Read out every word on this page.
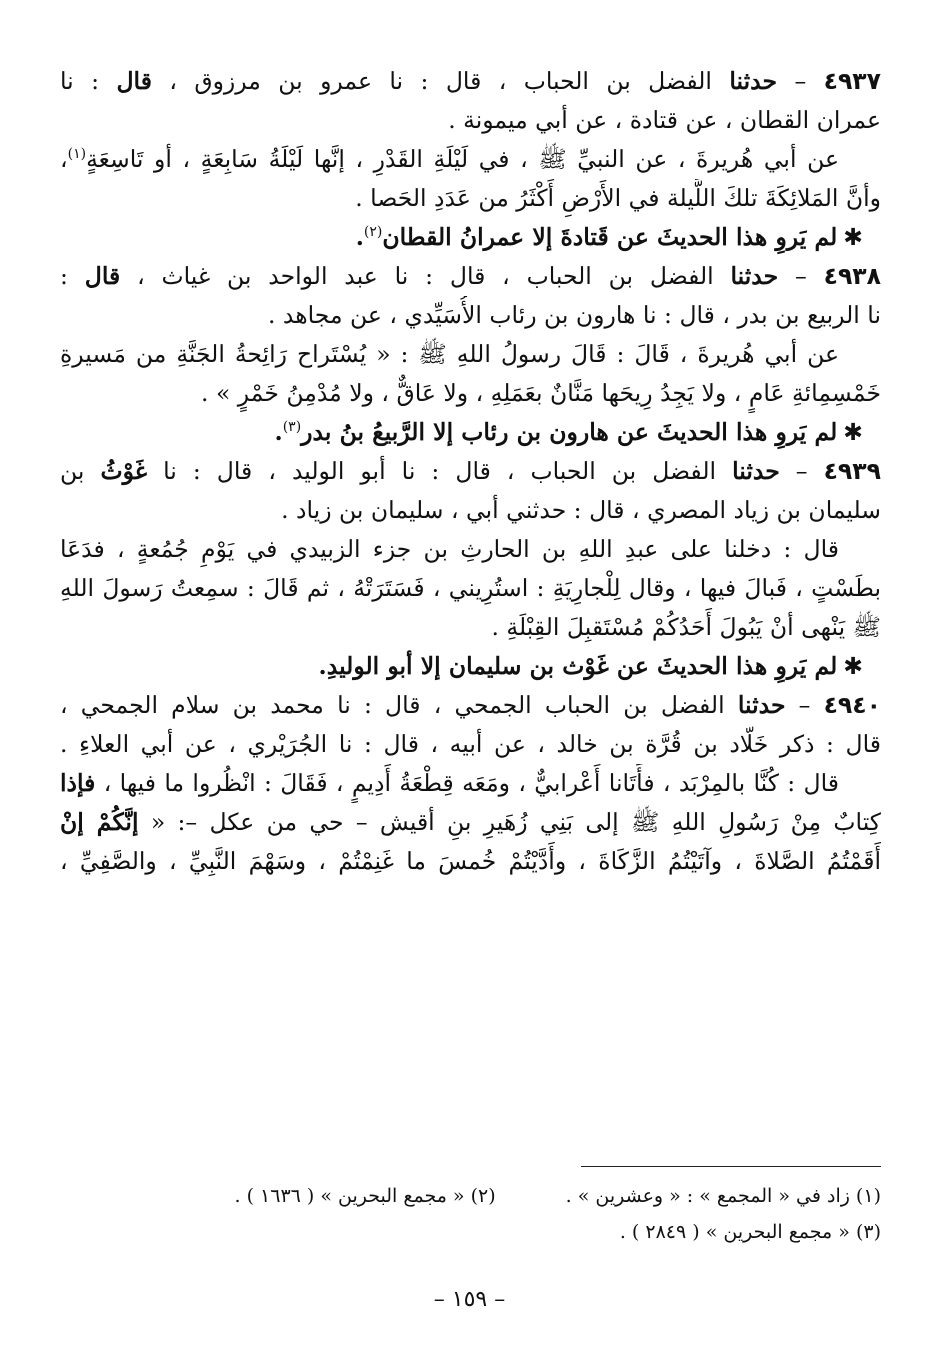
٤٩٣٧ – حدثنا الفضل بن الحباب ، قال : نا عمرو بن مرزوق ، قال : نا
عمران القطان ، عن قتادة ، عن أبي ميمونة .
عن أبي هُريرةَ ، عن النبيِّ ﷺ ، في لَيْلَةِ القَدْرِ ، إنَّها لَيْلَةُ سَابِعَةٍ ، أو تَاسِعَةٍ$^{(١)}$،
وأنَّ المَلائِكَةَ تلكَ اللَّيلة في الأَرْضِ أَكْثَرُ من عَدَدِ الحَصا .
✱لم يَروِ هذا الحديثَ عن قَتادةَ إلا عمرانُ القطان$^{(٢)}$.
٤٩٣٨ – حدثنا الفضل بن الحباب ، قال : نا عبد الواحد بن غياث ، قال :
نا الربيع بن بدر ، قال : نا هارون بن رئاب الأُسَيِّدي ، عن مجاهد .
عن أبي هُريرةَ ، قَالَ : قَالَ رسولُ اللهِ ﷺ : « يُسْتَراح رَائِحةُ الجَنَّةِ من مَسيرةِ
خَمْسِمِائةِ عَامٍ ، ولا يَجِدُ رِيحَها مَنَّانٌ بعَمَلِهِ ، ولا عَاقٌّ ، ولا مُدْمِنُ خَمْرٍ » .
✱لم يَروِ هذا الحديثَ عن هارون بن رئاب إلا الرَّبيعُ بنُ بدر$^{(٣)}$.
٤٩٣٩ – حدثنا الفضل بن الحباب ، قال : نا أبو الوليد ، قال : نا غَوْثُ بن
سليمان بن زياد المصري ، قال : حدثني أبي ، سليمان بن زياد .
قال : دخلنا على عبدِ اللهِ بن الحارثِ بن جزء الزبيدي في يَوْمِ جُمُعةٍ ، فدَعَا
بطَسْتٍ ، فَبالَ فيها ، وقال لِلْجارِيَةِ : استُرِيني ، فَسَتَرَتْهُ ، ثم قَالَ : سمِعتُ رَسولَ اللهِ
ﷺ يَنْهى أنْ يَبُولَ أَحَدُكُمْ مُسْتَقبِلَ القِبْلَةِ .
✱لم يَروِ هذا الحديثَ عن غَوْث بن سليمان إلا أبو الوليدِ.
٤٩٤٠ – حدثنا الفضل بن الحباب الجمحي ، قال : نا محمد بن سلام الجمحي ،
قال : ذكر خَلّاد بن قُرَّة بن خالد ، عن أبيه ، قال : نا الجُرَيْري ، عن أبي العلاءِ .
قال : كُنَّا بالمِرْبَد ، فأَتَانا أَعْرابيٌّ ، ومَعَه قِطْعَةُ أَدِيمٍ ، فَقَالَ : انْظُروا ما فيها ، فإذا
كِتابٌ مِنْ رَسُولِ اللهِ ﷺ إلى بَنِي زُهَيرِ بنِ أقيش – حي من عكل –: « إنَّكُمْ إنْ
أَقَمْتُمُ الصَّلاةَ ، وآتَيْتُمُ الزَّكَاةَ ، وأَدَّيْتُمْ خُمسَ ما غَنِمْتُمْ ، وسَهْمَ النَّبِيِّ ، والصَّفِيِّ ،
(١) زاد في « المجمع » : « وعشرين » .
(٢) « مجمع البحرين » ( ١٦٣٦ ) .
(٣) « مجمع البحرين » ( ٢٨٤٩ ) .
– ١٥٩ –
